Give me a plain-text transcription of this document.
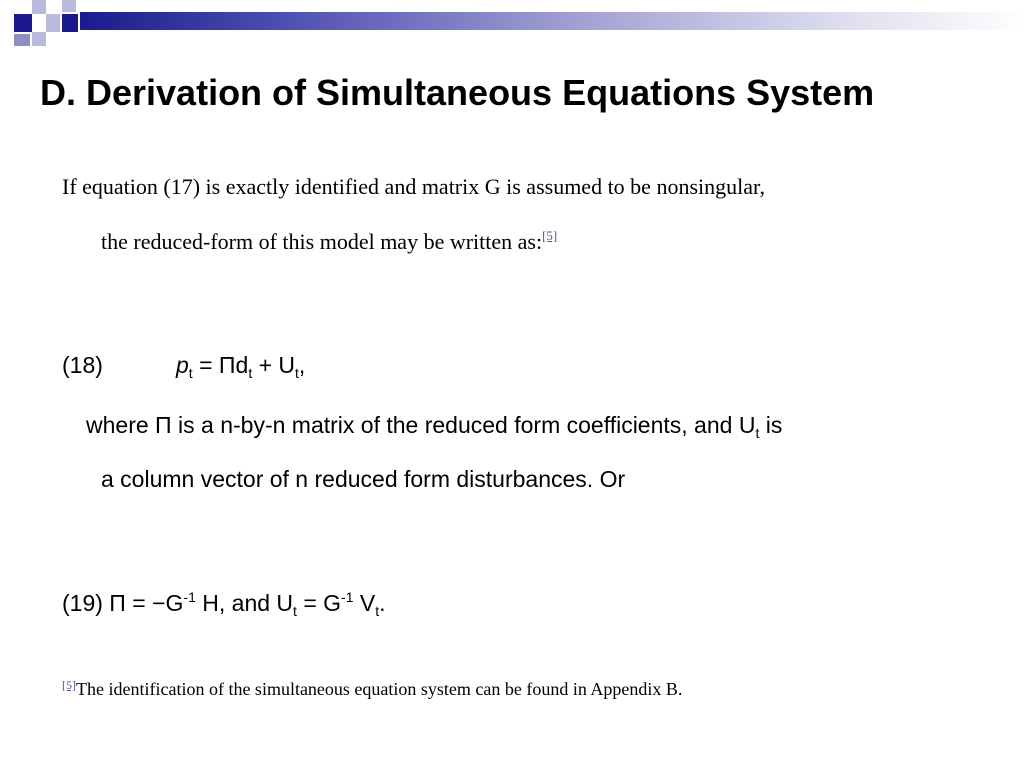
D. Derivation of Simultaneous Equations System
If equation (17) is exactly identified and matrix G is assumed to be nonsingular,
the reduced-form of this model may be written as:[5]
(18)	$p_t = \Pi d_t + U_t$,
where Π is a n-by-n matrix of the reduced form coefficients, and $U_t$ is
a column vector of n reduced form disturbances. Or
(19) $\Pi = -G^{-1}$ H, and $U_t = G^{-1}$ $V_t$.
[5]The identification of the simultaneous equation system can be found in Appendix B.
